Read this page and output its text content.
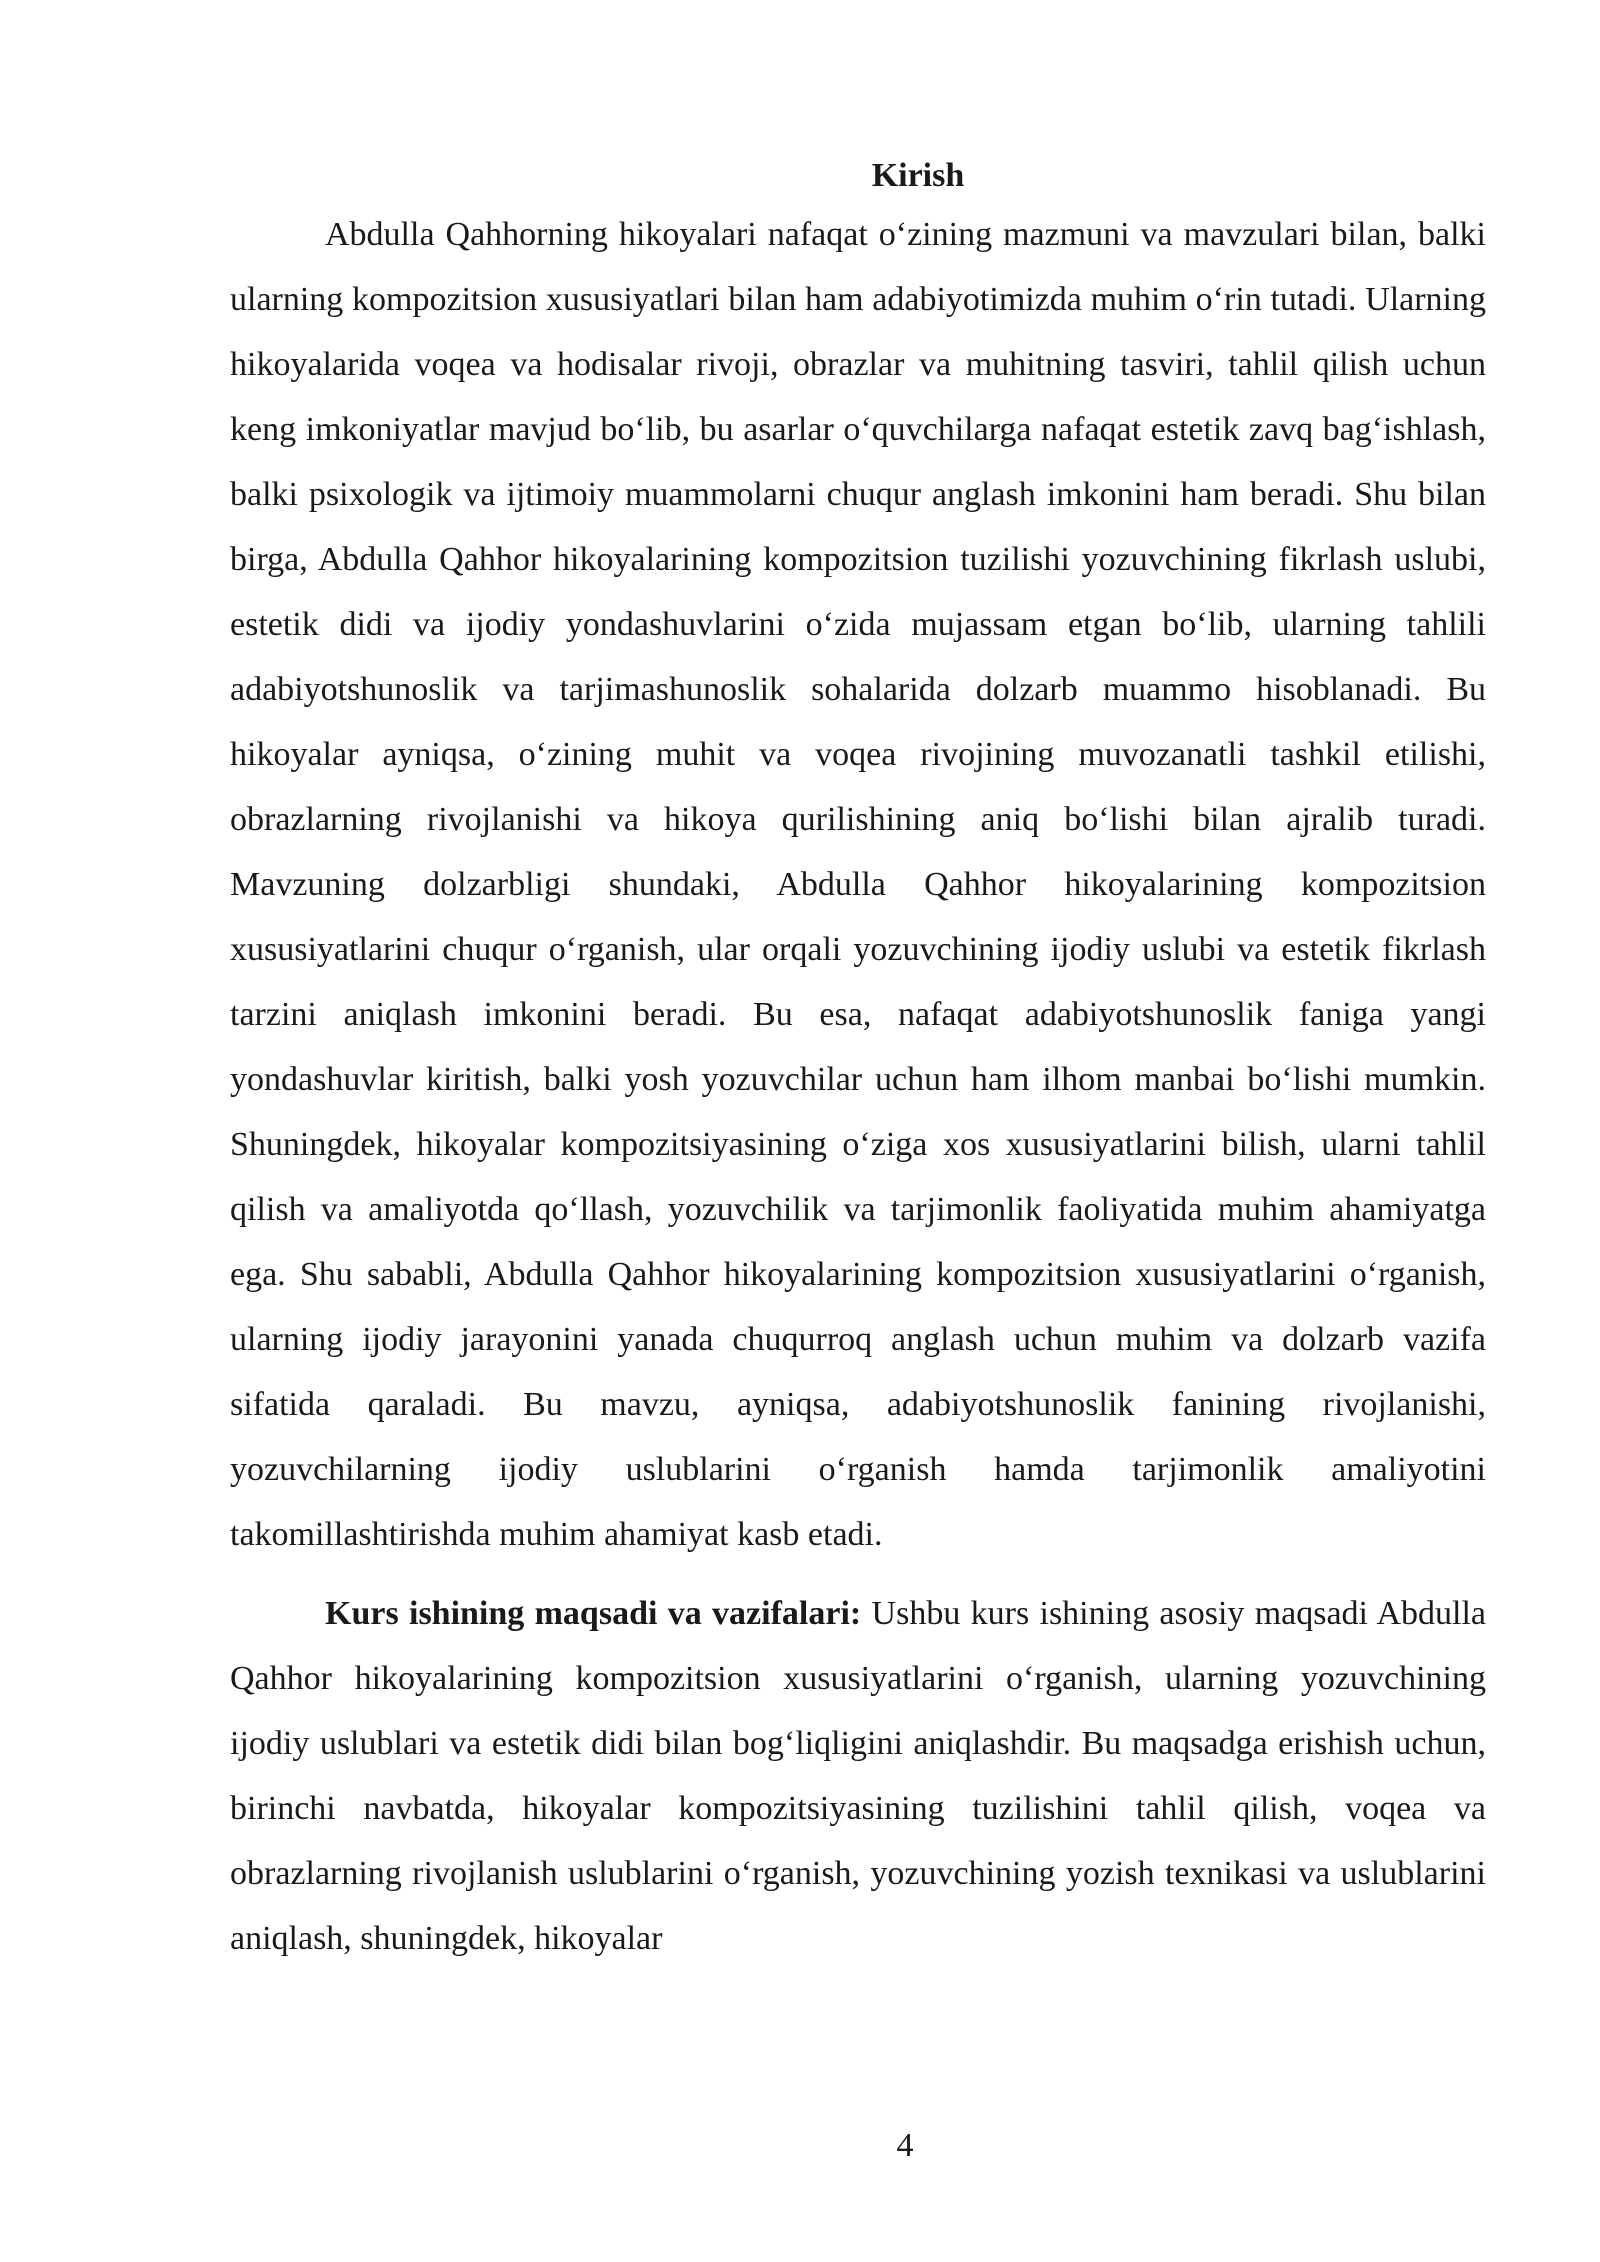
Kirish

Abdulla Qahhorning hikoyalari nafaqat o‘zining mazmuni va mavzulari bilan, balki ularning kompozitsion xususiyatlari bilan ham adabiyotimizda muhim o‘rin tutadi. Ularning hikoyalarida voqea va hodisalar rivoji, obrazlar va muhitning tasviri, tahlil qilish uchun keng imkoniyatlar mavjud bo‘lib, bu asarlar o‘quvchilarga nafaqat estetik zavq bag‘ishlash, balki psixologik va ijtimoiy muammolarni chuqur anglash imkonini ham beradi. Shu bilan birga, Abdulla Qahhor hikoyalarining kompozitsion tuzilishi yozuvchining fikrlash uslubi, estetik didi va ijodiy yondashuvlarini o‘zida mujassam etgan bo‘lib, ularning tahlili adabiyotshunoslik va tarjimashunoslik sohalarida dolzarb muammo hisoblanadi. Bu hikoyalar ayniqsa, o‘zining muhit va voqea rivojining muvozanatli tashkil etilishi, obrazlarning rivojlanishi va hikoya qurilishining aniq bo‘lishi bilan ajralib turadi. Mavzuning dolzarbligi shundaki, Abdulla Qahhor hikoyalarining kompozitsion xususiyatlarini chuqur o‘rganish, ular orqali yozuvchining ijodiy uslubi va estetik fikrlash tarzini aniqlash imkonini beradi. Bu esa, nafaqat adabiyotshunoslik faniga yangi yondashuvlar kiritish, balki yosh yozuvchilar uchun ham ilhom manbai bo‘lishi mumkin. Shuningdek, hikoyalar kompozitsiyasining o‘ziga xos xususiyatlarini bilish, ularni tahlil qilish va amaliyotda qo‘llash, yozuvchilik va tarjimonlik faoliyatida muhim ahamiyatga ega. Shu sababli, Abdulla Qahhor hikoyalarining kompozitsion xususiyatlarini o‘rganish, ularning ijodiy jarayonini yanada chuqurroq anglash uchun muhim va dolzarb vazifa sifatida qaraladi. Bu mavzu, ayniqsa, adabiyotshunoslik fanining rivojlanishi, yozuvchilarning ijodiy uslublarini o‘rganish hamda tarjimonlik amaliyotini takomillashtirishda muhim ahamiyat kasb etadi.

Kurs ishining maqsadi va vazifalari: Ushbu kurs ishining asosiy maqsadi Abdulla Qahhor hikoyalarining kompozitsion xususiyatlarini o‘rganish, ularning yozuvchining ijodiy uslublari va estetik didi bilan bog‘liqligini aniqlashdir. Bu maqsadga erishish uchun, birinchi navbatda, hikoyalar kompozitsiyasining tuzilishini tahlil qilish, voqea va obrazlarning rivojlanish uslublarini o‘rganish, yozuvchining yozish texnikasi va uslublarini aniqlash, shuningdek, hikoyalar

4
